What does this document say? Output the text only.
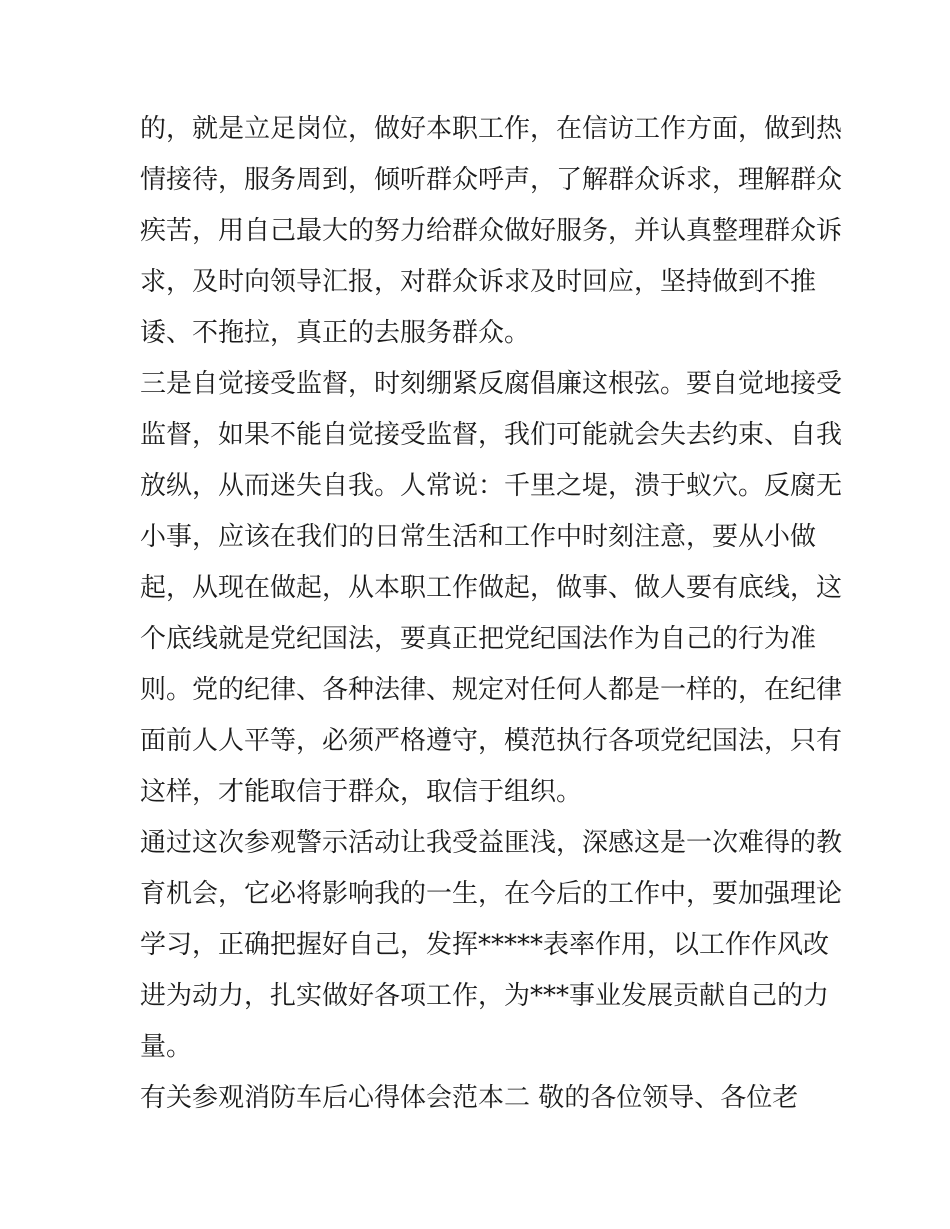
的，就是立足岗位，做好本职工作，在信访工作方面，做到热
情接待，服务周到，倾听群众呼声，了解群众诉求，理解群众
疾苦，用自己最大的努力给群众做好服务，并认真整理群众诉
求，及时向领导汇报，对群众诉求及时回应，坚持做到不推
诿、不拖拉，真正的去服务群众。
三是自觉接受监督，时刻绷紧反腐倡廉这根弦。要自觉地接受
监督，如果不能自觉接受监督，我们可能就会失去约束、自我
放纵，从而迷失自我。人常说：千里之堤，溃于蚁穴。反腐无
小事，应该在我们的日常生活和工作中时刻注意，要从小做
起，从现在做起，从本职工作做起，做事、做人要有底线，这
个底线就是党纪国法，要真正把党纪国法作为自己的行为准
则。党的纪律、各种法律、规定对任何人都是一样的，在纪律
面前人人平等，必须严格遵守，模范执行各项党纪国法，只有
这样，才能取信于群众，取信于组织。
通过这次参观警示活动让我受益匪浅，深感这是一次难得的教
育机会，它必将影响我的一生，在今后的工作中，要加强理论
学习，正确把握好自己，发挥*****表率作用，以工作作风改
进为动力，扎实做好各项工作，为***事业发展贡献自己的力
量。
有关参观消防车后心得体会范本二 敬的各位领导、各位老
